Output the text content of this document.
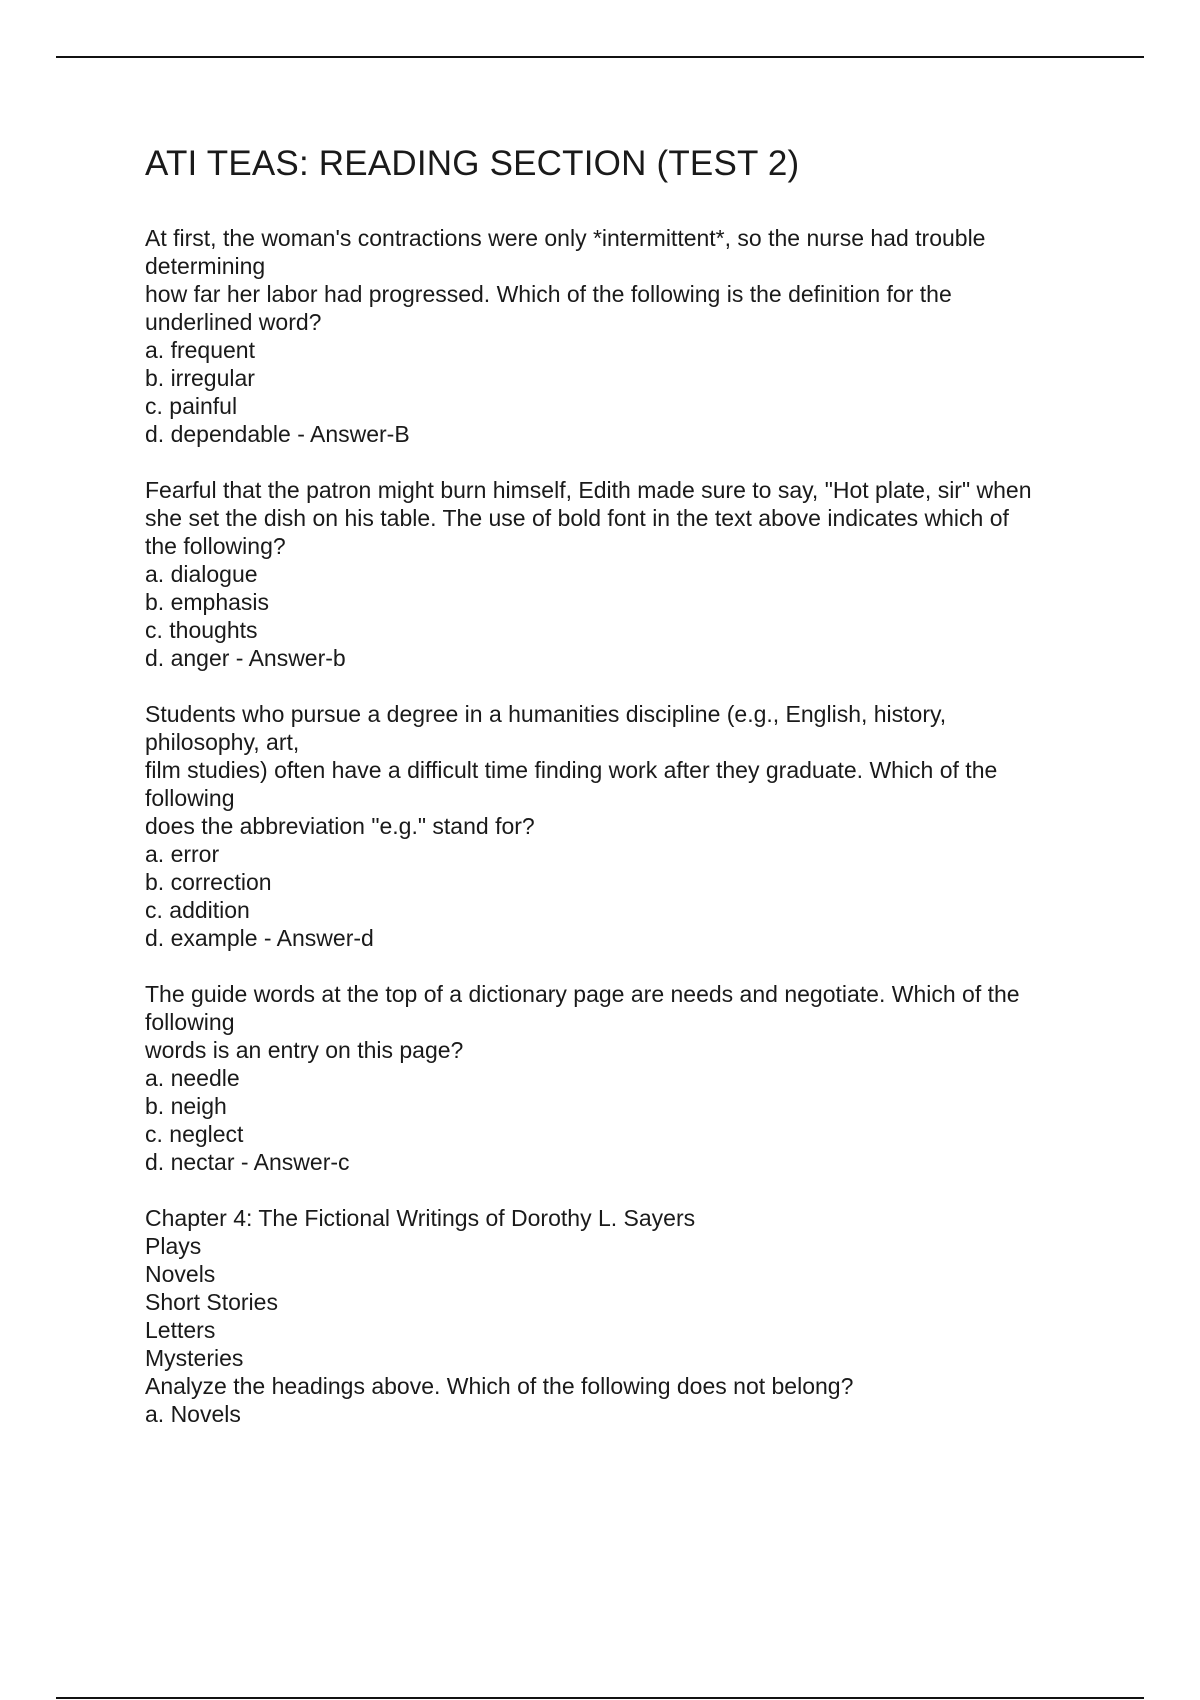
ATI TEAS: READING SECTION (TEST 2)
At first, the woman's contractions were only *intermittent*, so the nurse had trouble
determining
how far her labor had progressed. Which of the following is the definition for the
underlined word?
a. frequent
b. irregular
c. painful
d. dependable - Answer-B
Fearful that the patron might burn himself, Edith made sure to say, "Hot plate, sir" when
she set the dish on his table. The use of bold font in the text above indicates which of
the following?
a. dialogue
b. emphasis
c. thoughts
d. anger - Answer-b
Students who pursue a degree in a humanities discipline (e.g., English, history,
philosophy, art,
film studies) often have a difficult time finding work after they graduate. Which of the
following
does the abbreviation "e.g." stand for?
a. error
b. correction
c. addition
d. example - Answer-d
The guide words at the top of a dictionary page are needs and negotiate. Which of the
following
words is an entry on this page?
a. needle
b. neigh
c. neglect
d. nectar - Answer-c
Chapter 4: The Fictional Writings of Dorothy L. Sayers
Plays
Novels
Short Stories
Letters
Mysteries
Analyze the headings above. Which of the following does not belong?
a. Novels
